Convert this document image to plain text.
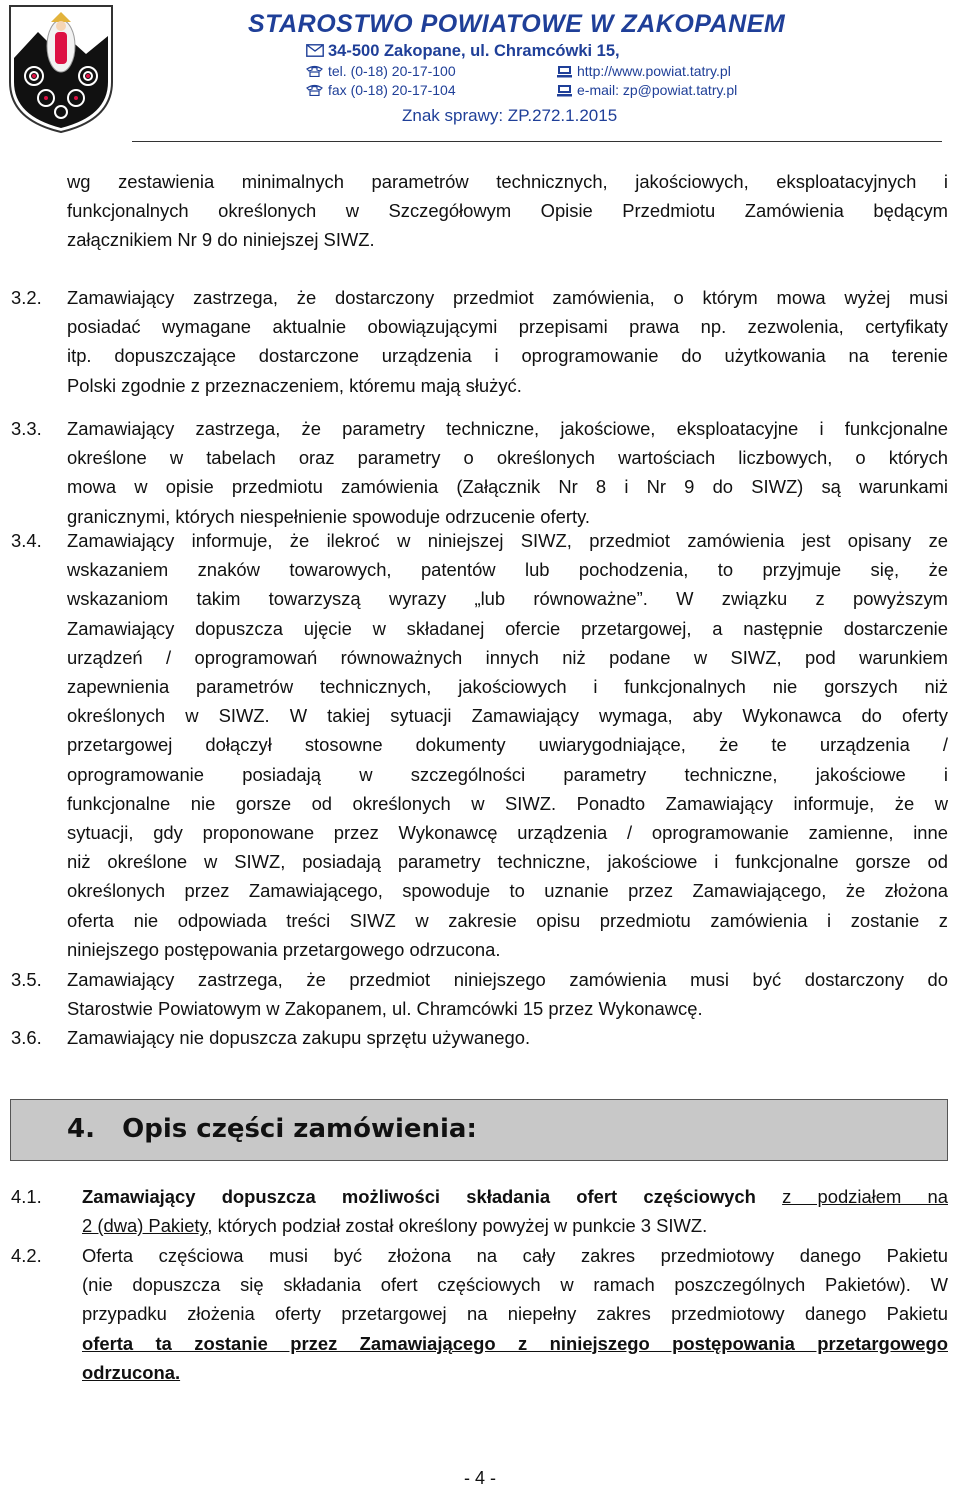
STAROSTWO POWIATOWE W ZAKOPANEM
34-500 Zakopane, ul. Chramcówki 15,
tel. (0-18) 20-17-100
fax (0-18) 20-17-104
http://www.powiat.tatry.pl
e-mail: zp@powiat.tatry.pl
Znak sprawy: ZP.272.1.2015
wg zestawienia minimalnych parametrów technicznych, jakościowych, eksploatacyjnych i
funkcjonalnych określonych w Szczegółowym Opisie Przedmiotu Zamówienia będącym
załącznikiem Nr 9 do niniejszej SIWZ.
3.2. Zamawiający zastrzega, że dostarczony przedmiot zamówienia, o którym mowa wyżej musi
posiadać wymagane aktualnie obowiązującymi przepisami prawa np. zezwolenia, certyfikaty
itp. dopuszczające dostarczone urządzenia i oprogramowanie do użytkowania na terenie
Polski zgodnie z przeznaczeniem, któremu mają służyć.
3.3. Zamawiający zastrzega, że parametry techniczne, jakościowe, eksploatacyjne i funkcjonalne
określone w tabelach oraz parametry o określonych wartościach liczbowych, o których
mowa w opisie przedmiotu zamówienia (Załącznik Nr 8 i Nr 9 do SIWZ) są warunkami
granicznymi, których niespełnienie spowoduje odrzucenie oferty.
3.4. Zamawiający informuje, że ilekroć w niniejszej SIWZ, przedmiot zamówienia jest opisany ze
wskazaniem znaków towarowych, patentów lub pochodzenia, to przyjmuje się, że
wskazaniom takim towarzyszą wyrazy „lub równoważne”. W związku z powyższym
Zamawiający dopuszcza ujęcie w składanej ofercie przetargowej, a następnie dostarczenie
urządzeń / oprogramowań równoważnych innych niż podane w SIWZ, pod warunkiem
zapewnienia parametrów technicznych, jakościowych i funkcjonalnych nie gorszych niż
określonych w SIWZ. W takiej sytuacji Zamawiający wymaga, aby Wykonawca do oferty
przetargowej dołączył stosowne dokumenty uwiarygodniające, że te urządzenia /
oprogramowanie posiadają w szczególności parametry techniczne, jakościowe i
funkcjonalne nie gorsze od określonych w SIWZ. Ponadto Zamawiający informuje, że w
sytuacji, gdy proponowane przez Wykonawcę urządzenia / oprogramowanie zamienne, inne
niż określone w SIWZ, posiadają parametry techniczne, jakościowe i funkcjonalne gorsze od
określonych przez Zamawiającego, spowoduje to uznanie przez Zamawiającego, że złożona
oferta nie odpowiada treści SIWZ w zakresie opisu przedmiotu zamówienia i zostanie z
niniejszego postępowania przetargowego odrzucona.
3.5. Zamawiający zastrzega, że przedmiot niniejszego zamówienia musi być dostarczony do
Starostwie Powiatowym w Zakopanem, ul. Chramcówki 15 przez Wykonawcę.
3.6. Zamawiający nie dopuszcza zakupu sprzętu używanego.
4. Opis części zamówienia:
4.1. Zamawiający dopuszcza możliwości składania ofert częściowych z podziałem na
2 (dwa) Pakiety, których podział został określony powyżej w punkcie 3 SIWZ.
4.2. Oferta częściowa musi być złożona na cały zakres przedmiotowy danego Pakietu
(nie dopuszcza się składania ofert częściowych w ramach poszczególnych Pakietów). W
przypadku złożenia oferty przetargowej na niepełny zakres przedmiotowy danego Pakietu
oferta ta zostanie przez Zamawiającego z niniejszego postępowania przetargowego
odrzucona.
- 4 -
